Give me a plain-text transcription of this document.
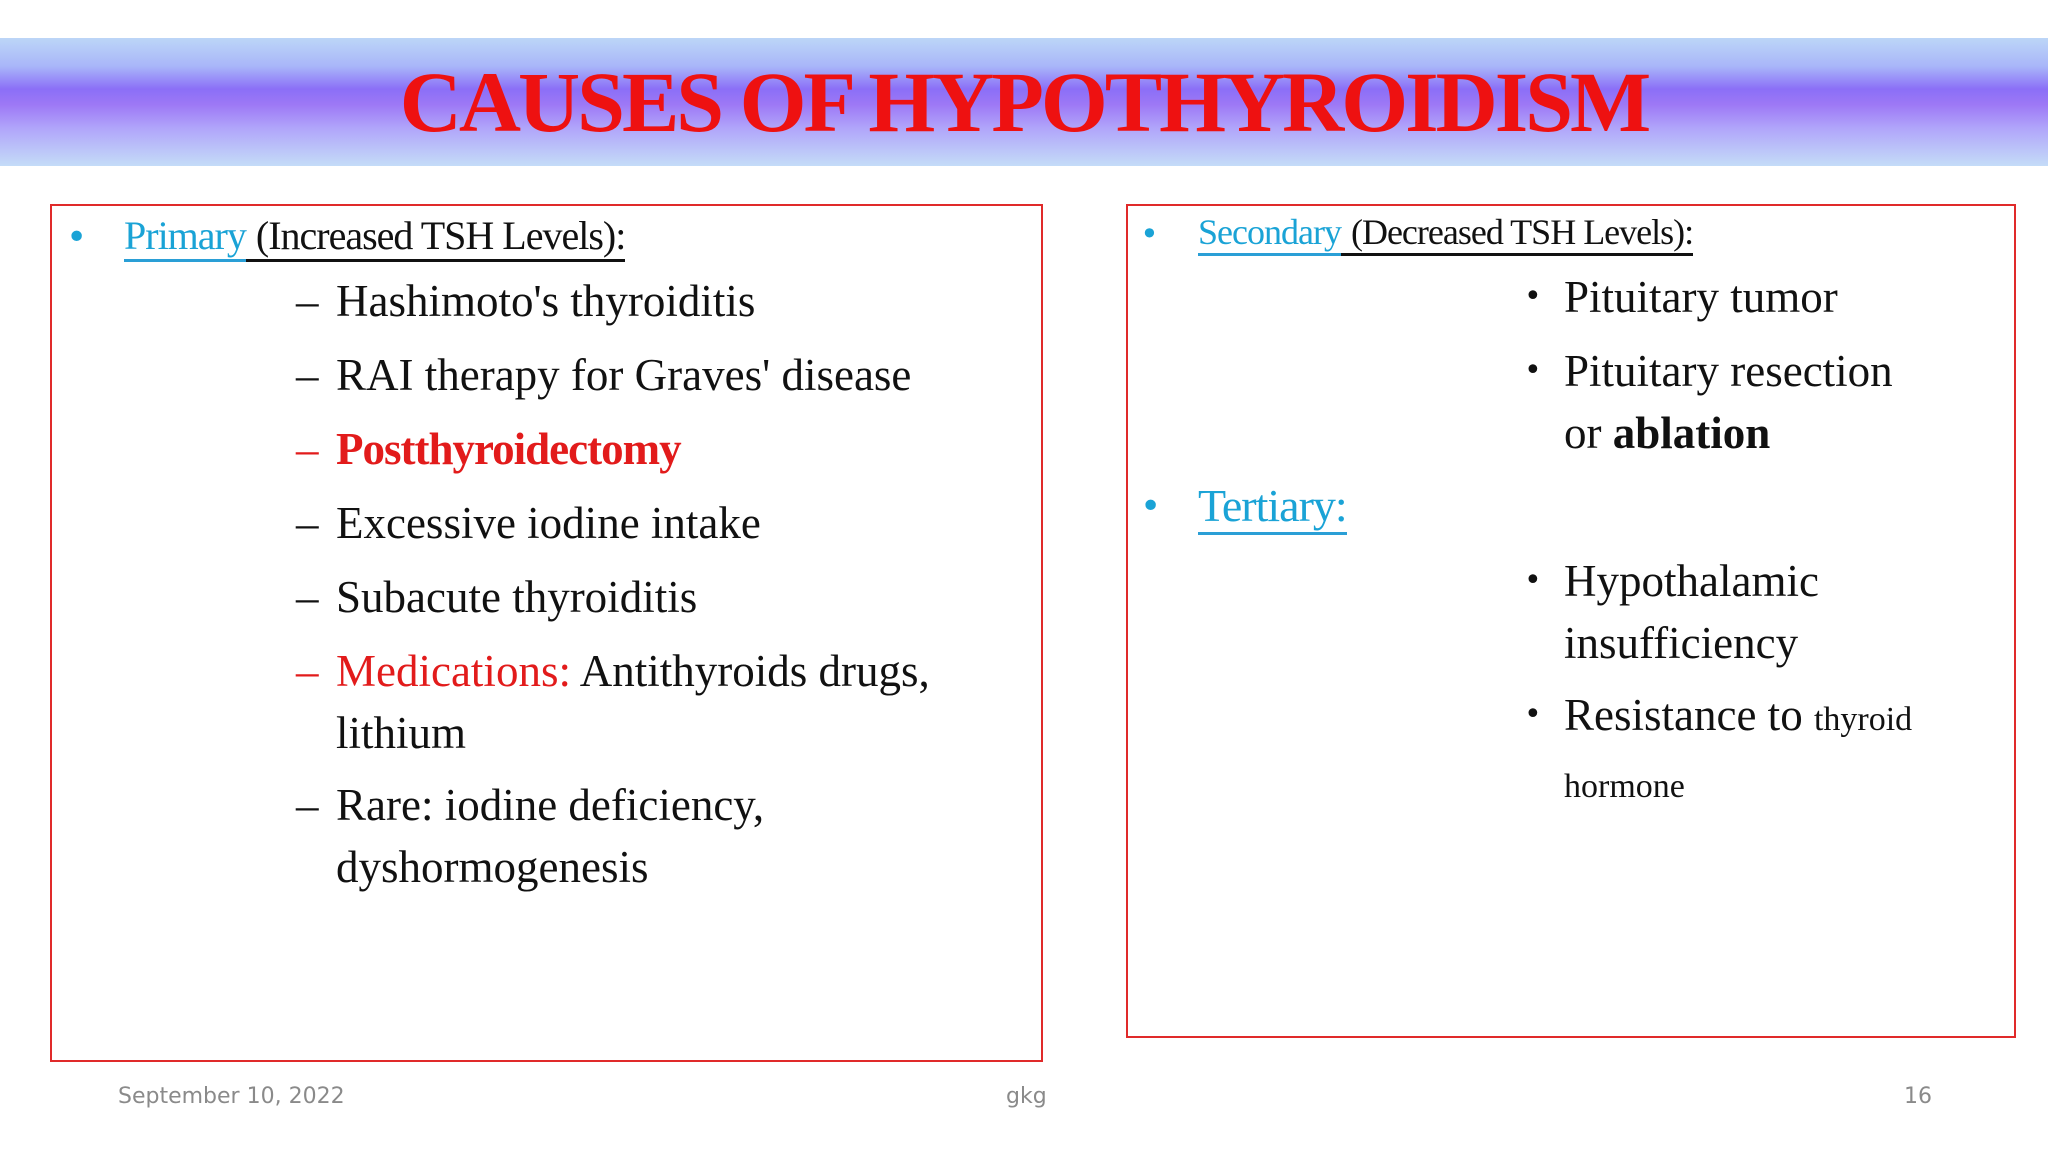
CAUSES OF HYPOTHYROIDISM
• Primary (Increased TSH Levels):
– Hashimoto's thyroiditis
– RAI therapy for Graves' disease
– Postthyroidectomy
– Excessive iodine intake
– Subacute thyroiditis
– Medications: Antithyroids drugs,
lithium
– Rare: iodine deficiency,
dyshormogenesis
• Secondary (Decreased TSH Levels):
• Pituitary tumor
• Pituitary resection
or ablation
• Tertiary:
• Hypothalamic
insufficiency
• Resistance to thyroid
hormone
September 10, 2022	gkg	16
